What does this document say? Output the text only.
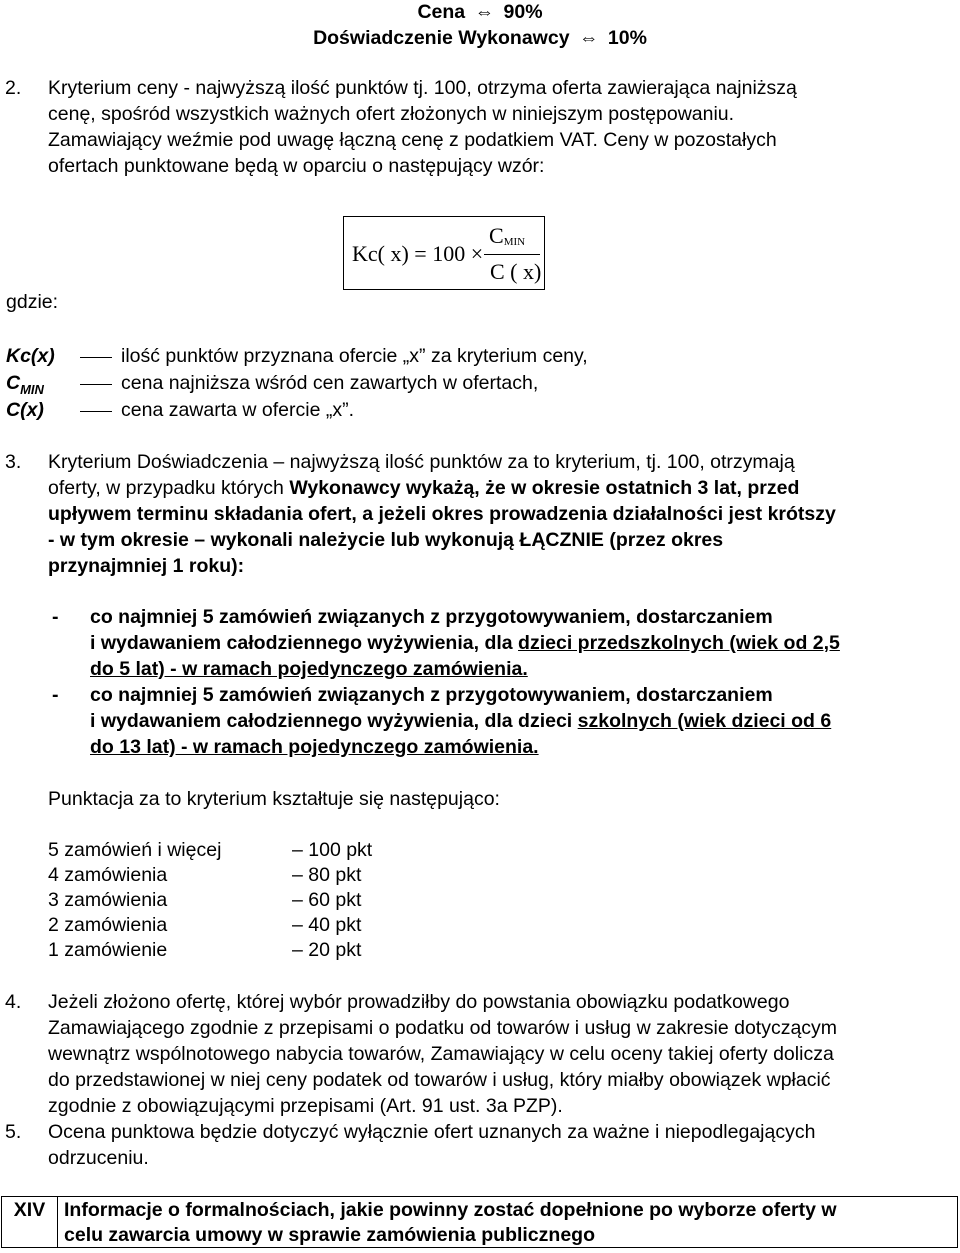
Cena ⇔ 90%
Doświadczenie Wykonawcy ⇔ 10%
2. Kryterium ceny - najwyższą ilość punktów tj. 100, otrzyma oferta zawierająca najniższą
cenę, spośród wszystkich ważnych ofert złożonych w niniejszym postępowaniu.
Zamawiający weźmie pod uwagę łączną cenę z podatkiem VAT. Ceny w pozostałych
ofertach punktowane będą w oparciu o następujący wzór:
Kc( x) = 100 ×
$C_{MIN}$
C ( x)
gdzie:
Kc(x)	ilość punktów przyznana ofercie „x” za kryterium ceny,
$C_{MIN}$	cena najniższa wśród cen zawartych w ofertach,
C(x)	cena zawarta w ofercie „x”.
3. Kryterium Doświadczenia – najwyższą ilość punktów za to kryterium, tj. 100, otrzymają
oferty, w przypadku których Wykonawcy wykażą, że w okresie ostatnich 3 lat, przed
upływem terminu składania ofert, a jeżeli okres prowadzenia działalności jest krótszy
- w tym okresie – wykonali należycie lub wykonują ŁĄCZNIE (przez okres
przynajmniej 1 roku):
- co najmniej 5 zamówień związanych z przygotowywaniem, dostarczaniem
i wydawaniem całodziennego wyżywienia, dla dzieci przedszkolnych (wiek od 2,5
do 5 lat) - w ramach pojedynczego zamówienia.
- co najmniej 5 zamówień związanych z przygotowywaniem, dostarczaniem
i wydawaniem całodziennego wyżywienia, dla dzieci szkolnych (wiek dzieci od 6
do 13 lat) - w ramach pojedynczego zamówienia.
Punktacja za to kryterium kształtuje się następująco:
5 zamówień i więcej	– 100 pkt
4 zamówienia	– 80 pkt
3 zamówienia	– 60 pkt
2 zamówienia	– 40 pkt
1 zamówienie	– 20 pkt
4. Jeżeli złożono ofertę, której wybór prowadziłby do powstania obowiązku podatkowego
Zamawiającego zgodnie z przepisami o podatku od towarów i usług w zakresie dotyczącym
wewnątrz wspólnotowego nabycia towarów, Zamawiający w celu oceny takiej oferty dolicza
do przedstawionej w niej ceny podatek od towarów i usług, który miałby obowiązek wpłacić
zgodnie z obowiązującymi przepisami (Art. 91 ust. 3a PZP).
5. Ocena punktowa będzie dotyczyć wyłącznie ofert uznanych za ważne i niepodlegających
odrzuceniu.
XIV Informacje o formalnościach, jakie powinny zostać dopełnione po wyborze oferty w
celu zawarcia umowy w sprawie zamówienia publicznego
